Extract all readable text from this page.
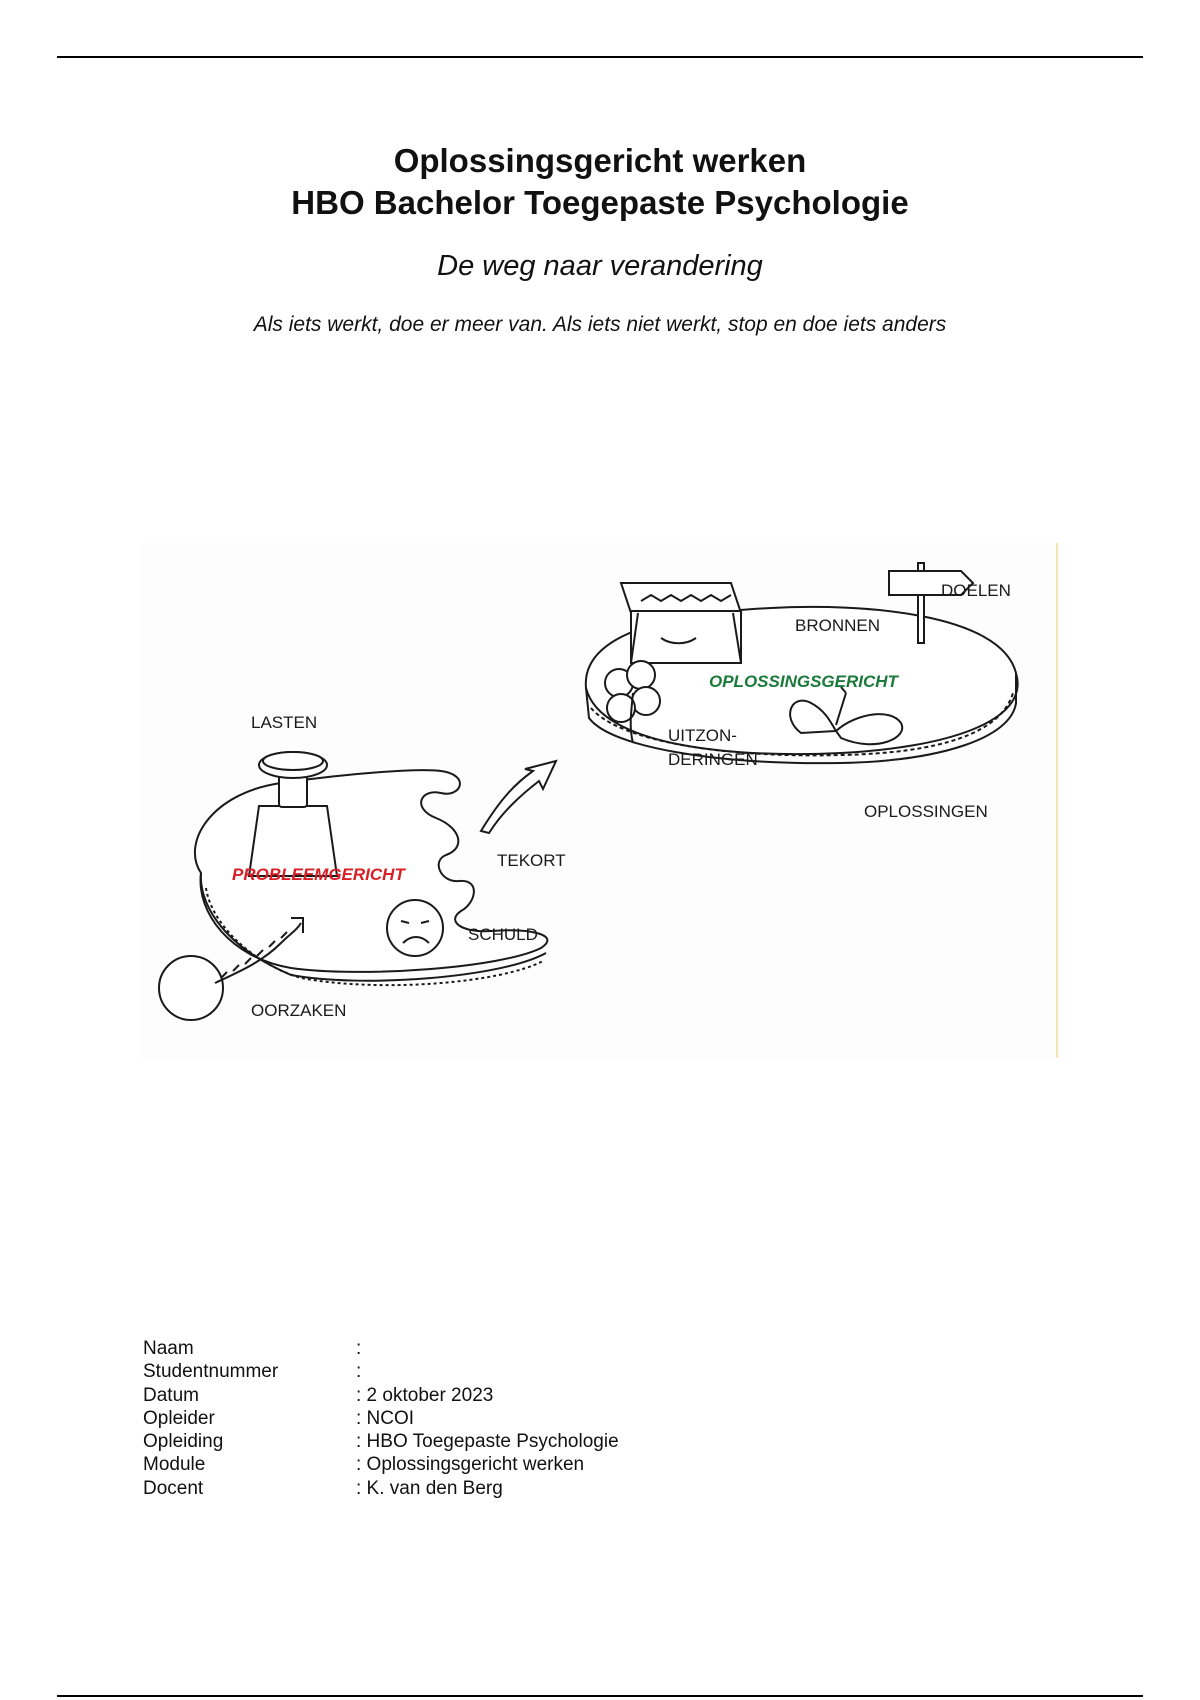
Oplossingsgericht werken
HBO Bachelor Toegepaste Psychologie
De weg naar verandering
Als iets werkt, doe er meer van. Als iets niet werkt, stop en doe iets anders
LASTEN
PROBLEEMGERICHT
TEKORT
SCHULD
OORZAKEN
BRONNEN
DOELEN
OPLOSSINGSGERICHT
UITZON-
DERINGEN
OPLOSSINGEN
Naam	:
Studentnummer	:
Datum	: 2 oktober 2023
Opleider	: NCOI
Opleiding	: HBO Toegepaste Psychologie
Module	: Oplossingsgericht werken
Docent	: K. van den Berg
